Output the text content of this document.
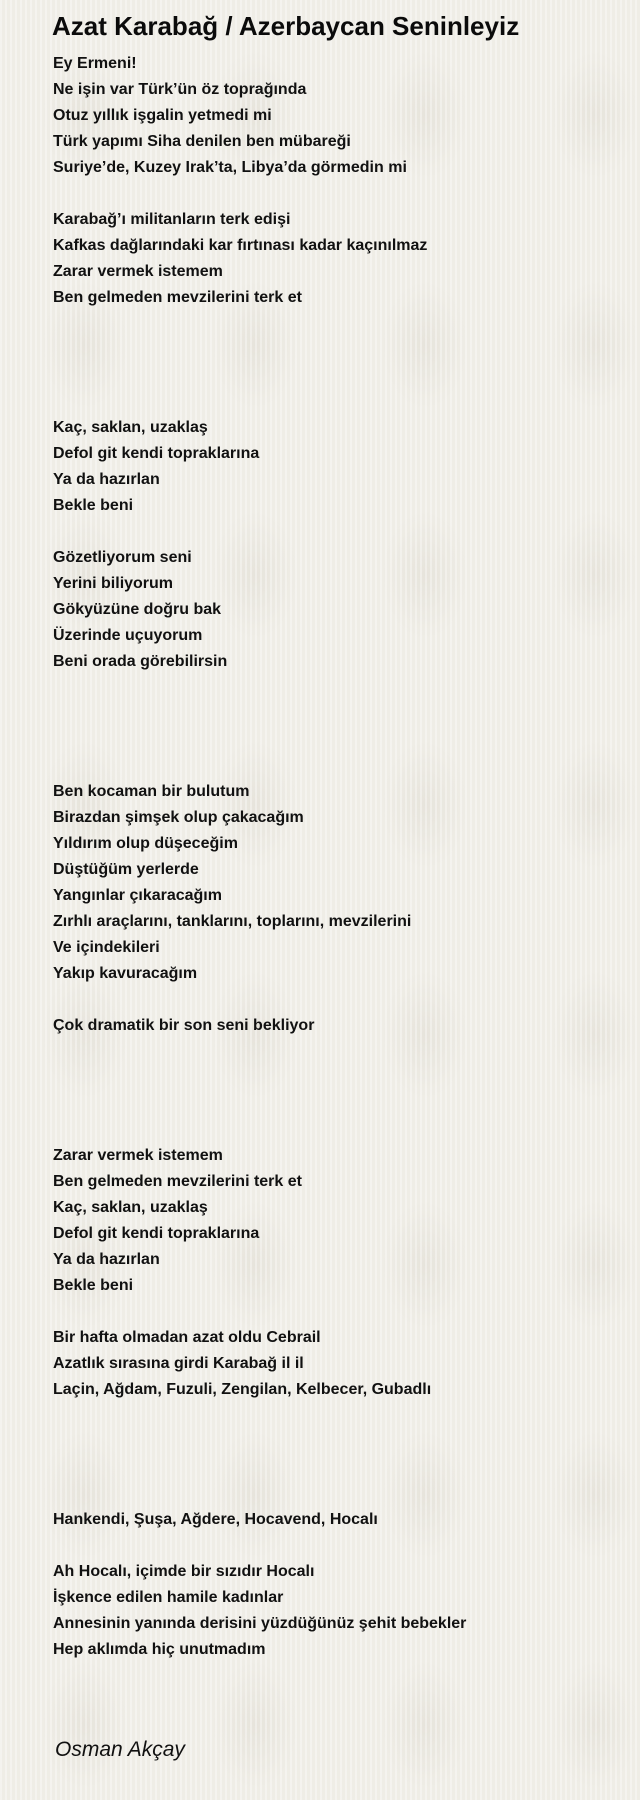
Azat Karabağ / Azerbaycan Seninleyiz
Ey Ermeni!
Ne işin var Türk’ün öz toprağında
Otuz yıllık işgalin yetmedi mi
Türk yapımı Siha denilen ben mübareği
Suriye’de, Kuzey Irak’ta, Libya’da görmedin mi
Karabağ’ı militanların terk edişi
Kafkas dağlarındaki kar fırtınası kadar kaçınılmaz
Zarar vermek istemem
Ben gelmeden mevzilerini terk et
Kaç, saklan, uzaklaş
Defol git kendi topraklarına
Ya da hazırlan
Bekle beni
Gözetliyorum seni
Yerini biliyorum
Gökyüzüne doğru bak
Üzerinde uçuyorum
Beni orada görebilirsin
Ben kocaman bir bulutum
Birazdan şimşek olup çakacağım
Yıldırım olup düşeceğim
Düştüğüm yerlerde
Yangınlar çıkaracağım
Zırhlı araçlarını, tanklarını, toplarını, mevzilerini
Ve içindekileri
Yakıp kavuracağım
Çok dramatik bir son seni bekliyor
Zarar vermek istemem
Ben gelmeden mevzilerini terk et
Kaç, saklan, uzaklaş
Defol git kendi topraklarına
Ya da hazırlan
Bekle beni
Bir hafta olmadan azat oldu Cebrail
Azatlık sırasına girdi Karabağ il il
Laçin, Ağdam, Fuzuli, Zengilan, Kelbecer, Gubadlı
Hankendi, Şuşa, Ağdere, Hocavend, Hocalı
Ah Hocalı, içimde bir sızıdır Hocalı
İşkence edilen hamile kadınlar
Annesinin yanında derisini yüzdüğünüz şehit bebekler
Hep aklımda hiç unutmadım
Osman Akçay
